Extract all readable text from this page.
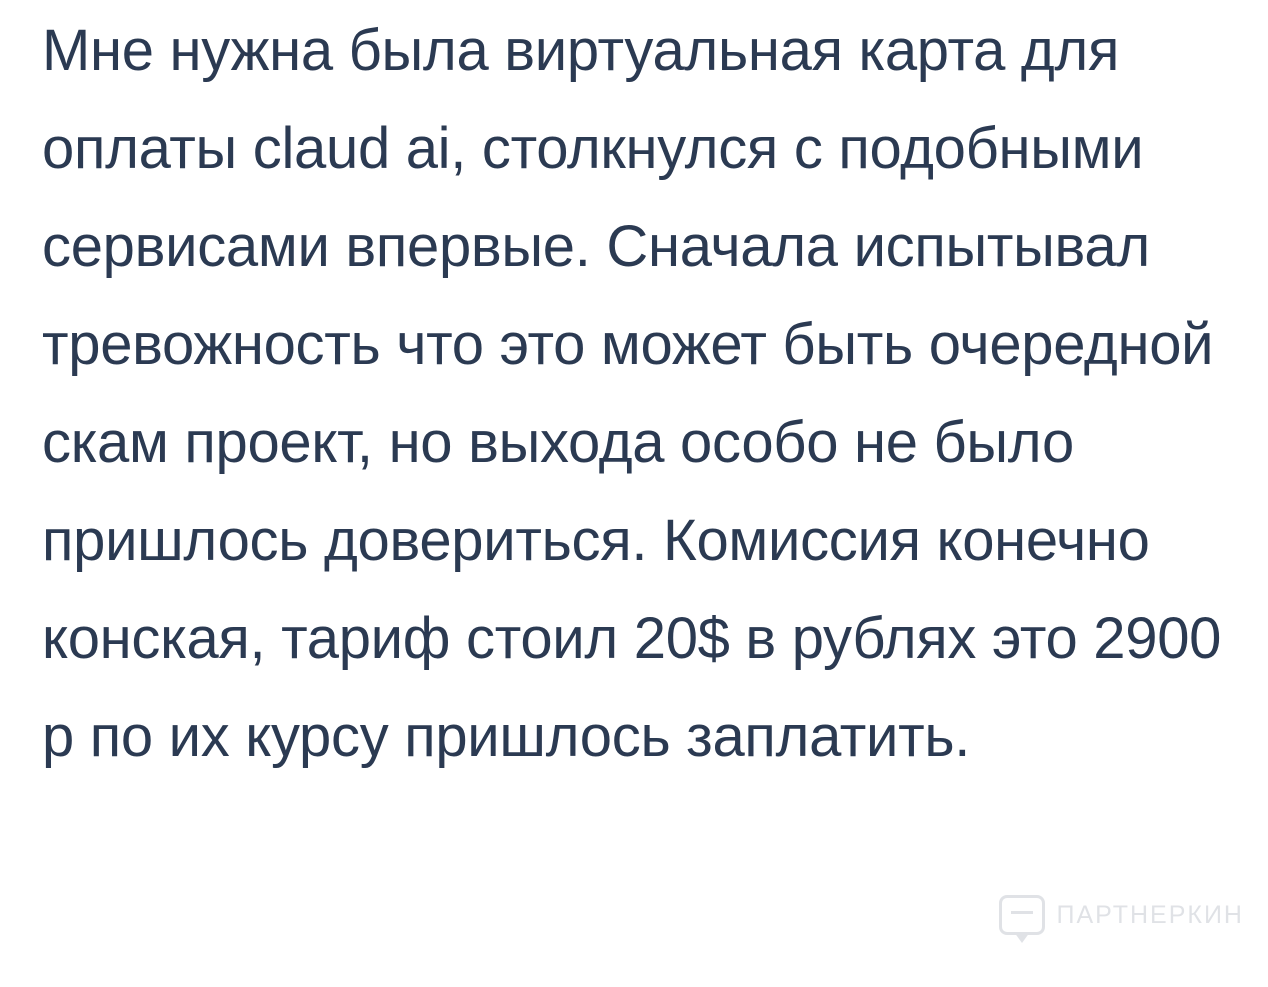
Мне нужна была виртуальная карта для оплаты claud ai, столкнулся с подобными сервисами впервые. Сначала испытывал тревожность что это может быть очередной скам проект, но выхода особо не было пришлось довериться. Комиссия конечно конская, тариф стоил 20$ в рублях это 2900 р по их курсу пришлось заплатить.
ПАРТНЕРКИН
